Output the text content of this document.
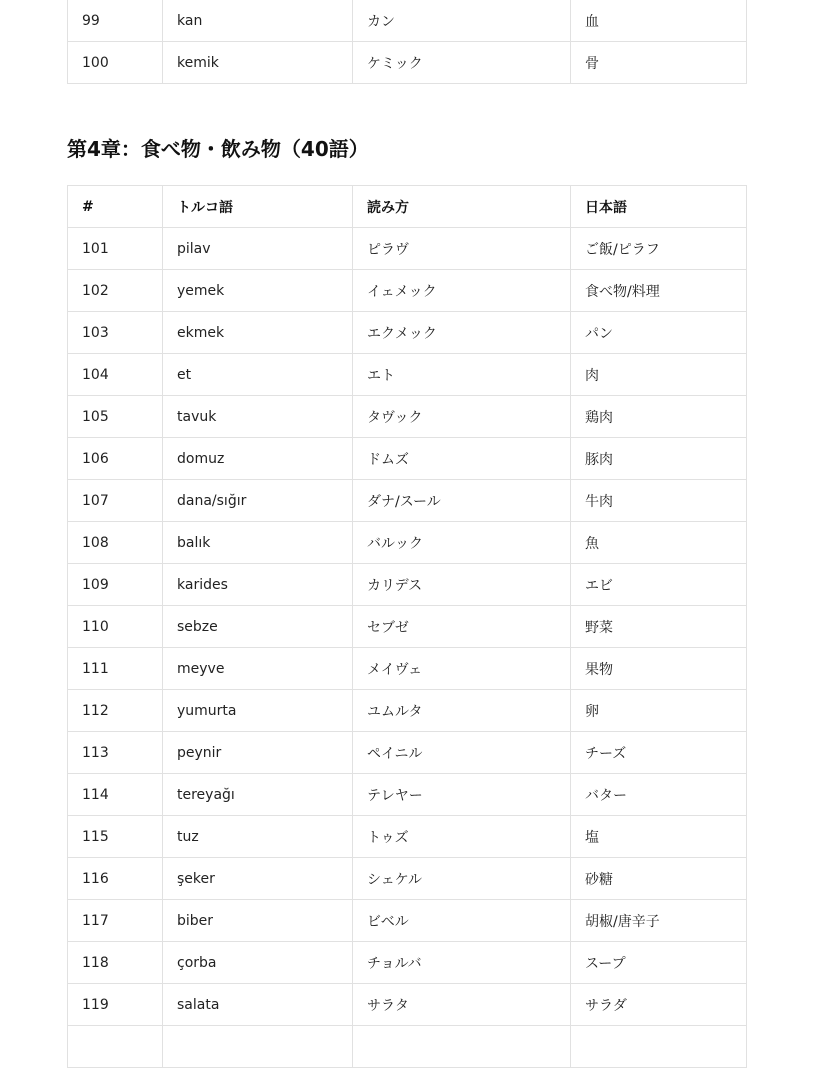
99	kan	カン	血
100	kemik	ケミック	骨
第4章：食べ物・飲み物（40語）
#	トルコ語	読み方	日本語
101	pilav	ピラヴ	ご飯/ピラフ
102	yemek	イェメック	食べ物/料理
103	ekmek	エクメック	パン
104	et	エト	肉
105	tavuk	タヴック	鶏肉
106	domuz	ドムズ	豚肉
107	dana/sığır	ダナ/スール	牛肉
108	balık	バルック	魚
109	karides	カリデス	エビ
110	sebze	セブゼ	野菜
111	meyve	メイヴェ	果物
112	yumurta	ユムルタ	卵
113	peynir	ペイニル	チーズ
114	tereyağı	テレヤー	バター
115	tuz	トゥズ	塩
116	şeker	シェケル	砂糖
117	biber	ビベル	胡椒/唐辛子
118	çorba	チョルバ	スープ
119	salata	サラタ	サラダ
